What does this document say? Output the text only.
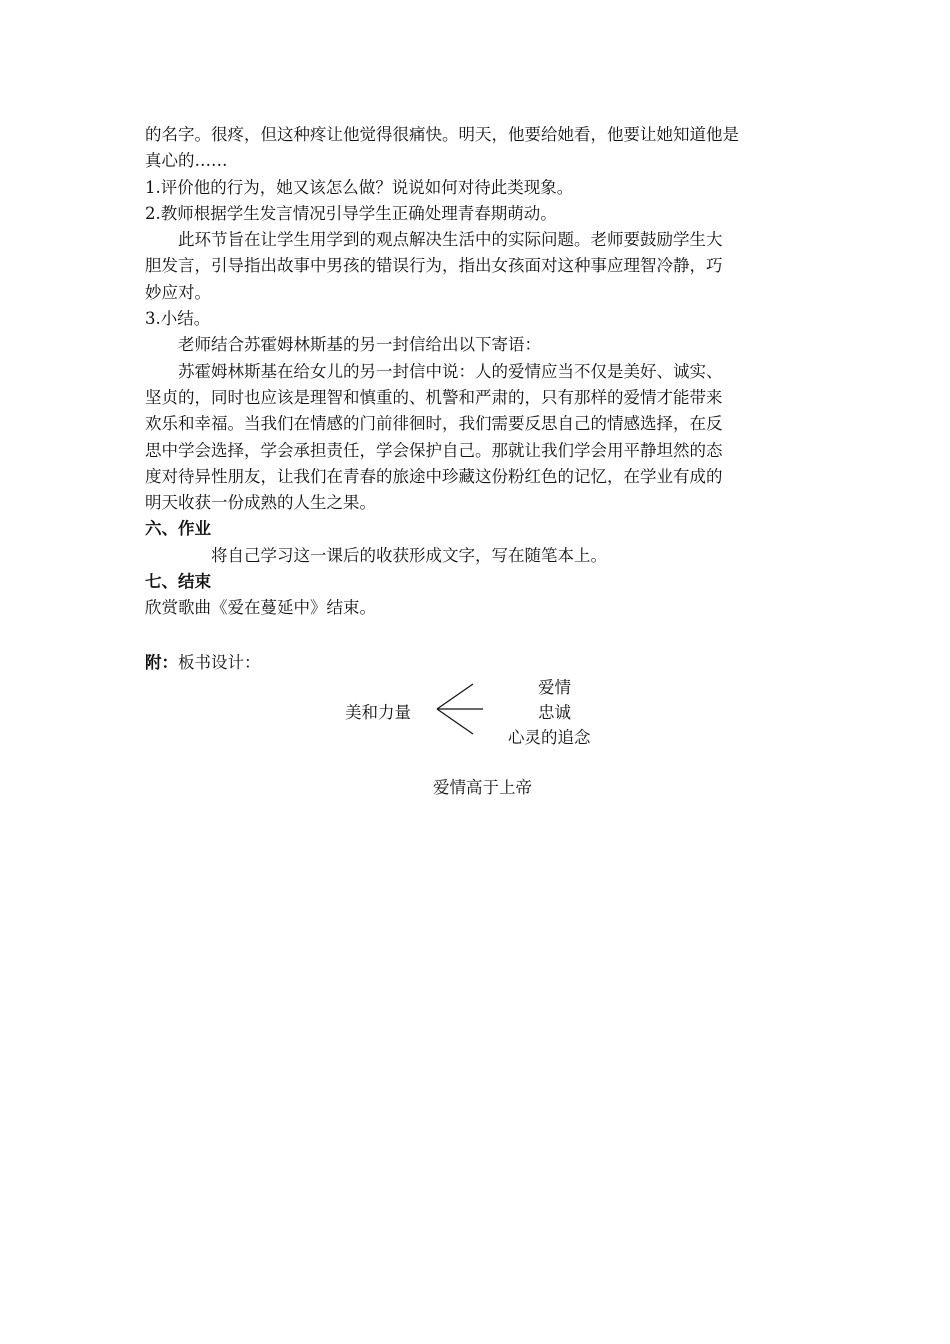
的名字。很疼，但这种疼让他觉得很痛快。明天，他要给她看，他要让她知道他是

真心的……

1.评价他的行为，她又该怎么做？说说如何对待此类现象。

2.教师根据学生发言情况引导学生正确处理青春期萌动。

此环节旨在让学生用学到的观点解决生活中的实际问题。老师要鼓励学生大

胆发言，引导指出故事中男孩的错误行为，指出女孩面对这种事应理智冷静，巧

妙应对。

3.小结。

老师结合苏霍姆林斯基的另一封信给出以下寄语：

苏霍姆林斯基在给女儿的另一封信中说：人的爱情应当不仅是美好、诚实、

坚贞的，同时也应该是理智和慎重的、机警和严肃的，只有那样的爱情才能带来

欢乐和幸福。当我们在情感的门前徘徊时，我们需要反思自己的情感选择，在反

思中学会选择，学会承担责任，学会保护自己。那就让我们学会用平静坦然的态

度对待异性朋友，让我们在青春的旅途中珍藏这份粉红色的记忆，在学业有成的

明天收获一份成熟的人生之果。

六、作业

将自己学习这一课后的收获形成文字，写在随笔本上。

七、结束

欣赏歌曲《爱在蔓延中》结束。

附：板书设计：

美和力量
爱情
忠诚
心灵的追念
爱情高于上帝
